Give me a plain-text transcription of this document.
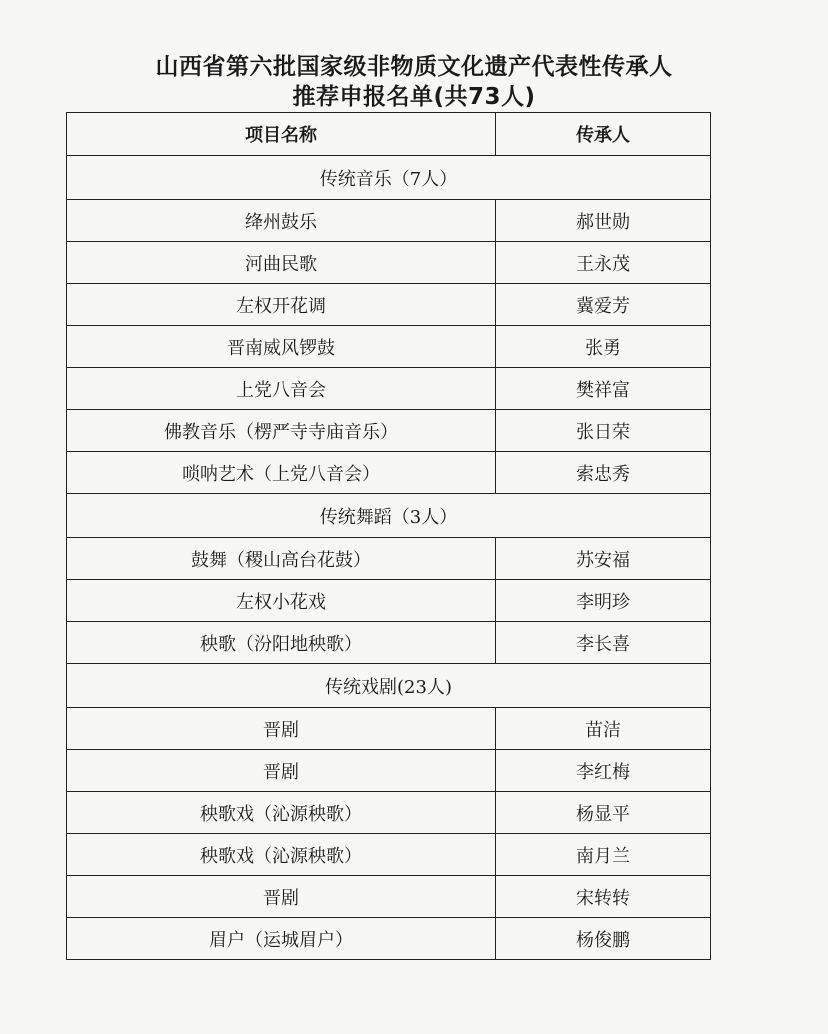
山西省第六批国家级非物质文化遗产代表性传承人
推荐申报名单(共73人)
项目名称	传承人
传统音乐（7人）	
绛州鼓乐	郝世勋
河曲民歌	王永茂
左权开花调	冀爱芳
晋南威风锣鼓	张勇
上党八音会	樊祥富
佛教音乐（楞严寺寺庙音乐）	张日荣
唢呐艺术（上党八音会）	索忠秀
传统舞蹈（3人）	
鼓舞（稷山高台花鼓）	苏安福
左权小花戏	李明珍
秧歌（汾阳地秧歌）	李长喜
传统戏剧(23人)	
晋剧	苗洁
晋剧	李红梅
秧歌戏（沁源秧歌）	杨显平
秧歌戏（沁源秧歌）	南月兰
晋剧	宋转转
眉户（运城眉户）	杨俊鹏
